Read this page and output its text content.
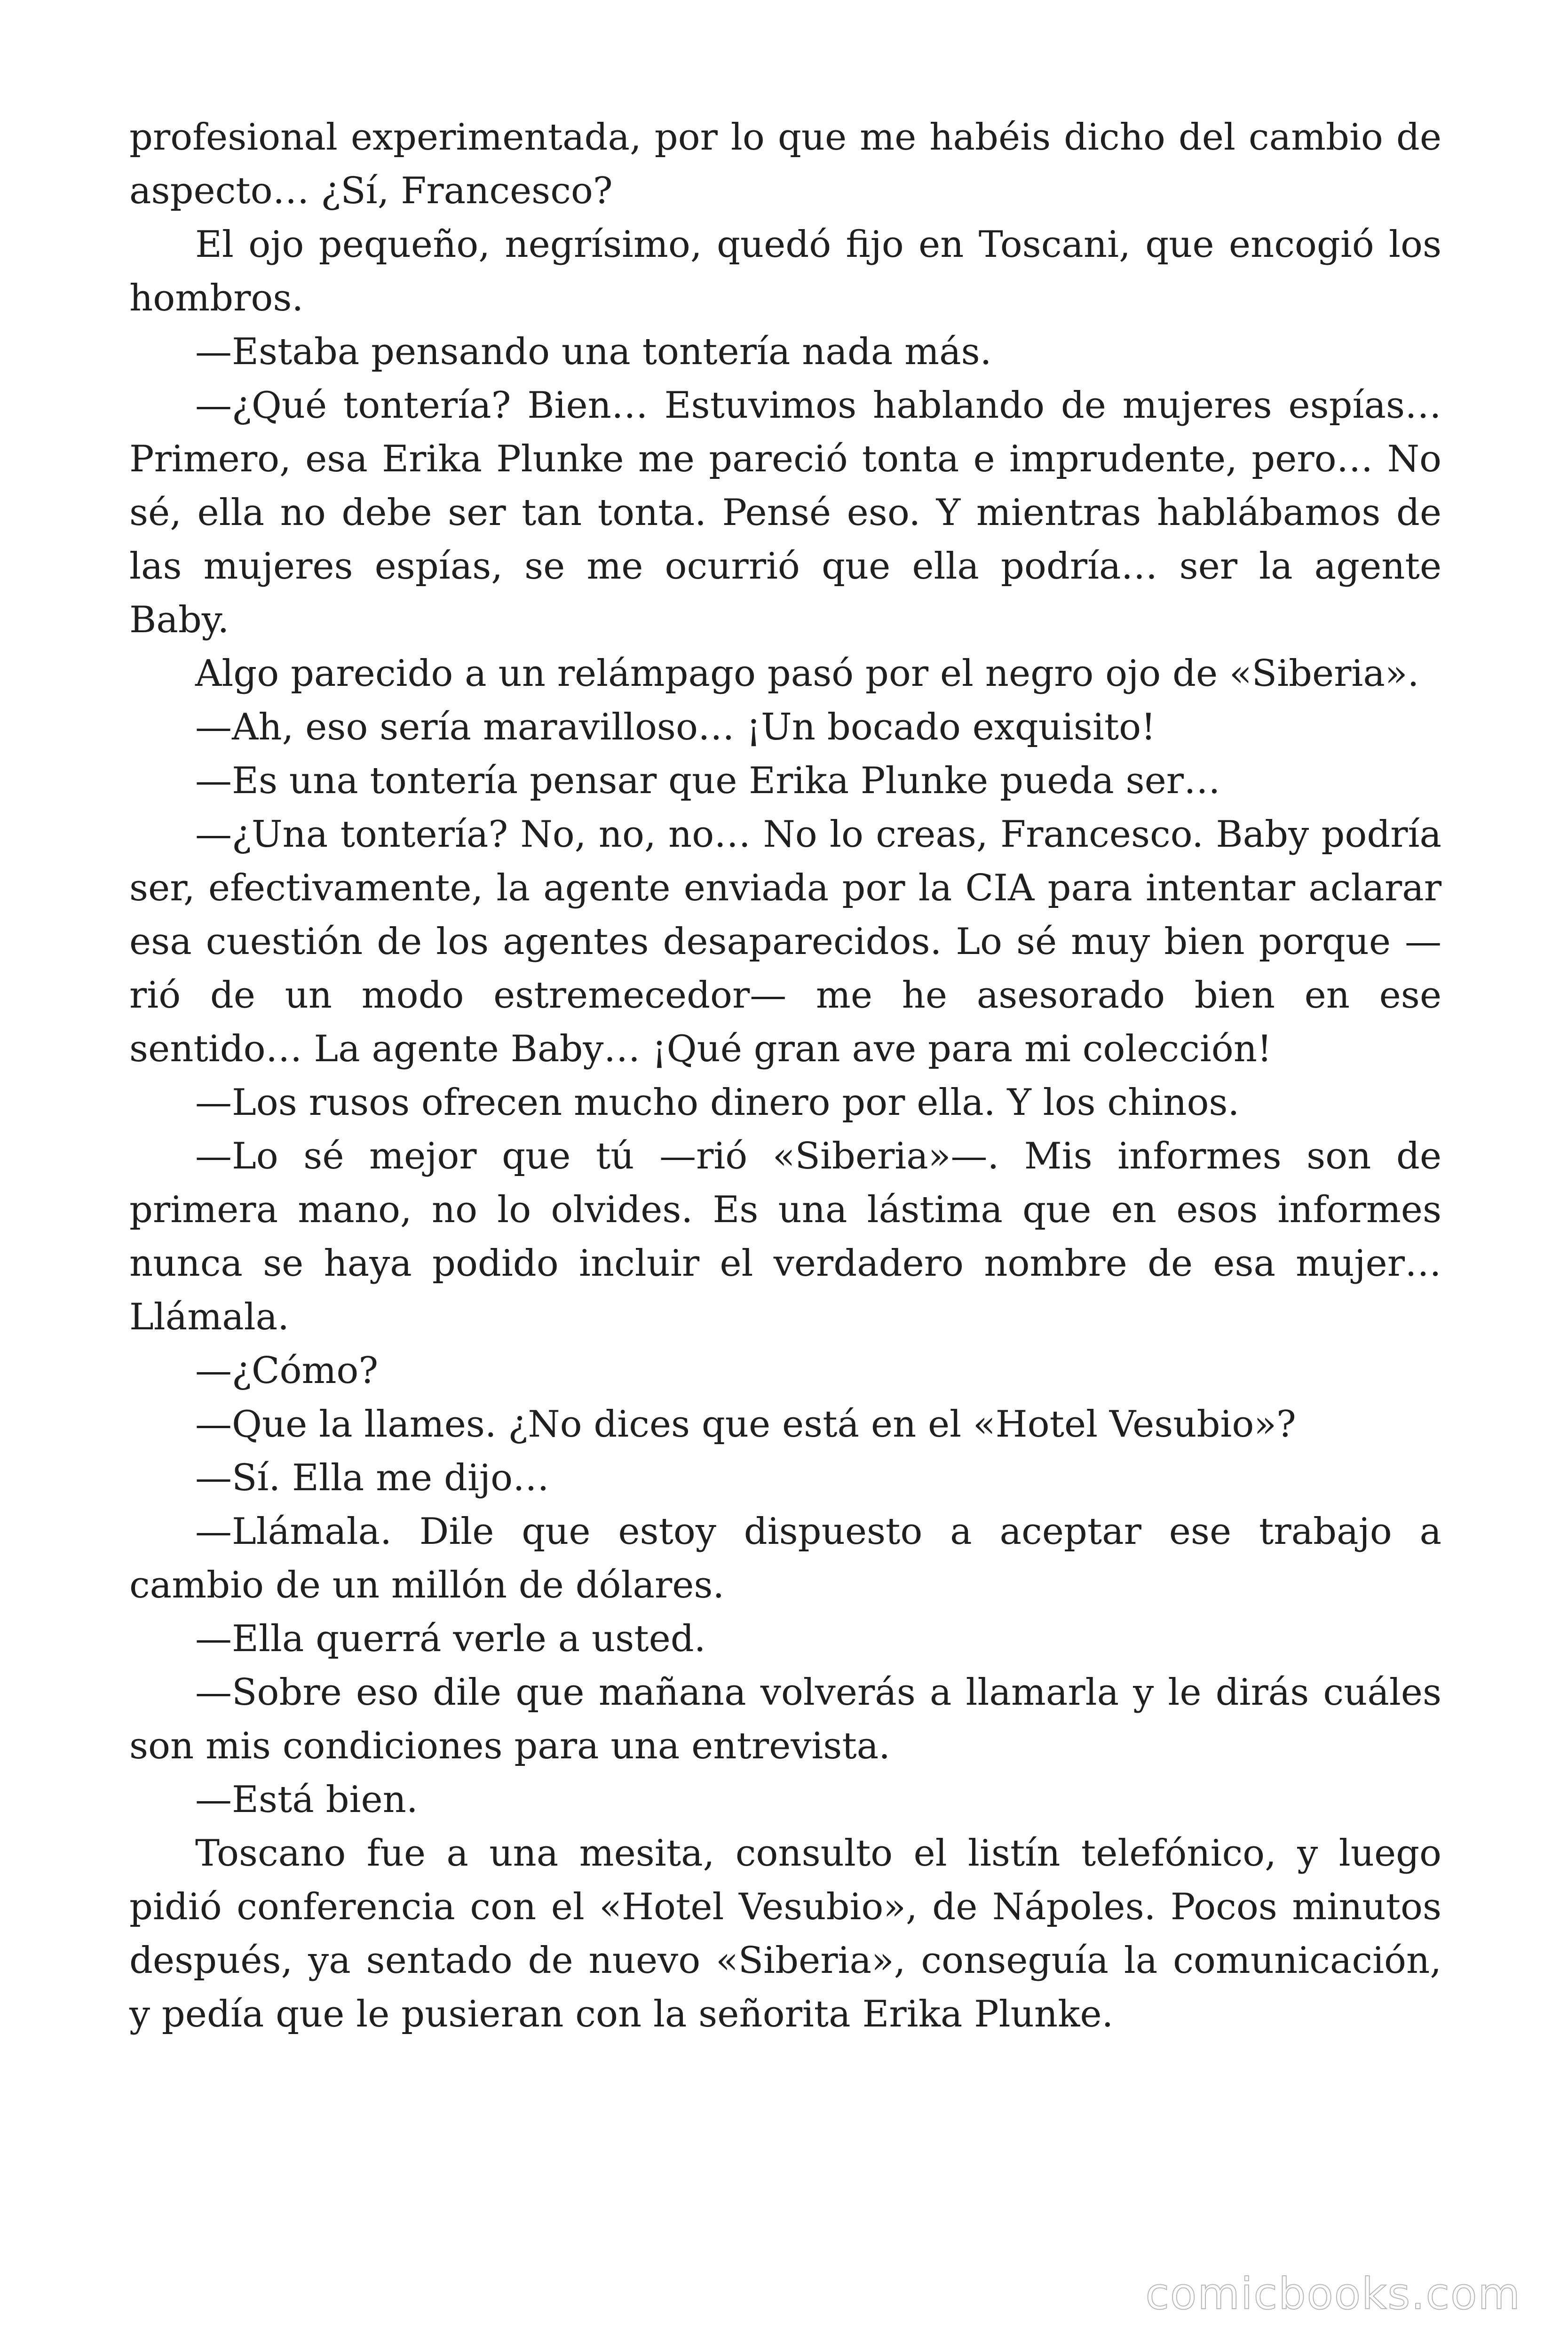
profesional experimentada, por lo que me habéis dicho del cambio de aspecto… ¿Sí, Francesco?

El ojo pequeño, negrísimo, quedó fijo en Toscani, que encogió los hombros.

—Estaba pensando una tontería nada más.

—¿Qué tontería? Bien… Estuvimos hablando de mujeres espías… Primero, esa Erika Plunke me pareció tonta e imprudente, pero… No sé, ella no debe ser tan tonta. Pensé eso. Y mientras hablábamos de las mujeres espías, se me ocurrió que ella podría… ser la agente Baby.

Algo parecido a un relámpago pasó por el negro ojo de «Siberia».

—Ah, eso sería maravilloso… ¡Un bocado exquisito!

—Es una tontería pensar que Erika Plunke pueda ser…

—¿Una tontería? No, no, no… No lo creas, Francesco. Baby podría ser, efectivamente, la agente enviada por la CIA para intentar aclarar esa cuestión de los agentes desaparecidos. Lo sé muy bien porque —rió de un modo estremecedor— me he asesorado bien en ese sentido… La agente Baby… ¡Qué gran ave para mi colección!

—Los rusos ofrecen mucho dinero por ella. Y los chinos.

—Lo sé mejor que tú —rió «Siberia»—. Mis informes son de primera mano, no lo olvides. Es una lástima que en esos informes nunca se haya podido incluir el verdadero nombre de esa mujer… Llámala.

—¿Cómo?

—Que la llames. ¿No dices que está en el «Hotel Vesubio»?

—Sí. Ella me dijo…

—Llámala. Dile que estoy dispuesto a aceptar ese trabajo a cambio de un millón de dólares.

—Ella querrá verle a usted.

—Sobre eso dile que mañana volverás a llamarla y le dirás cuáles son mis condiciones para una entrevista.

—Está bien.

Toscano fue a una mesita, consulto el listín telefónico, y luego pidió conferencia con el «Hotel Vesubio», de Nápoles. Pocos minutos después, ya sentado de nuevo «Siberia», conseguía la comunicación, y pedía que le pusieran con la señorita Erika Plunke.

comicbooks.com
